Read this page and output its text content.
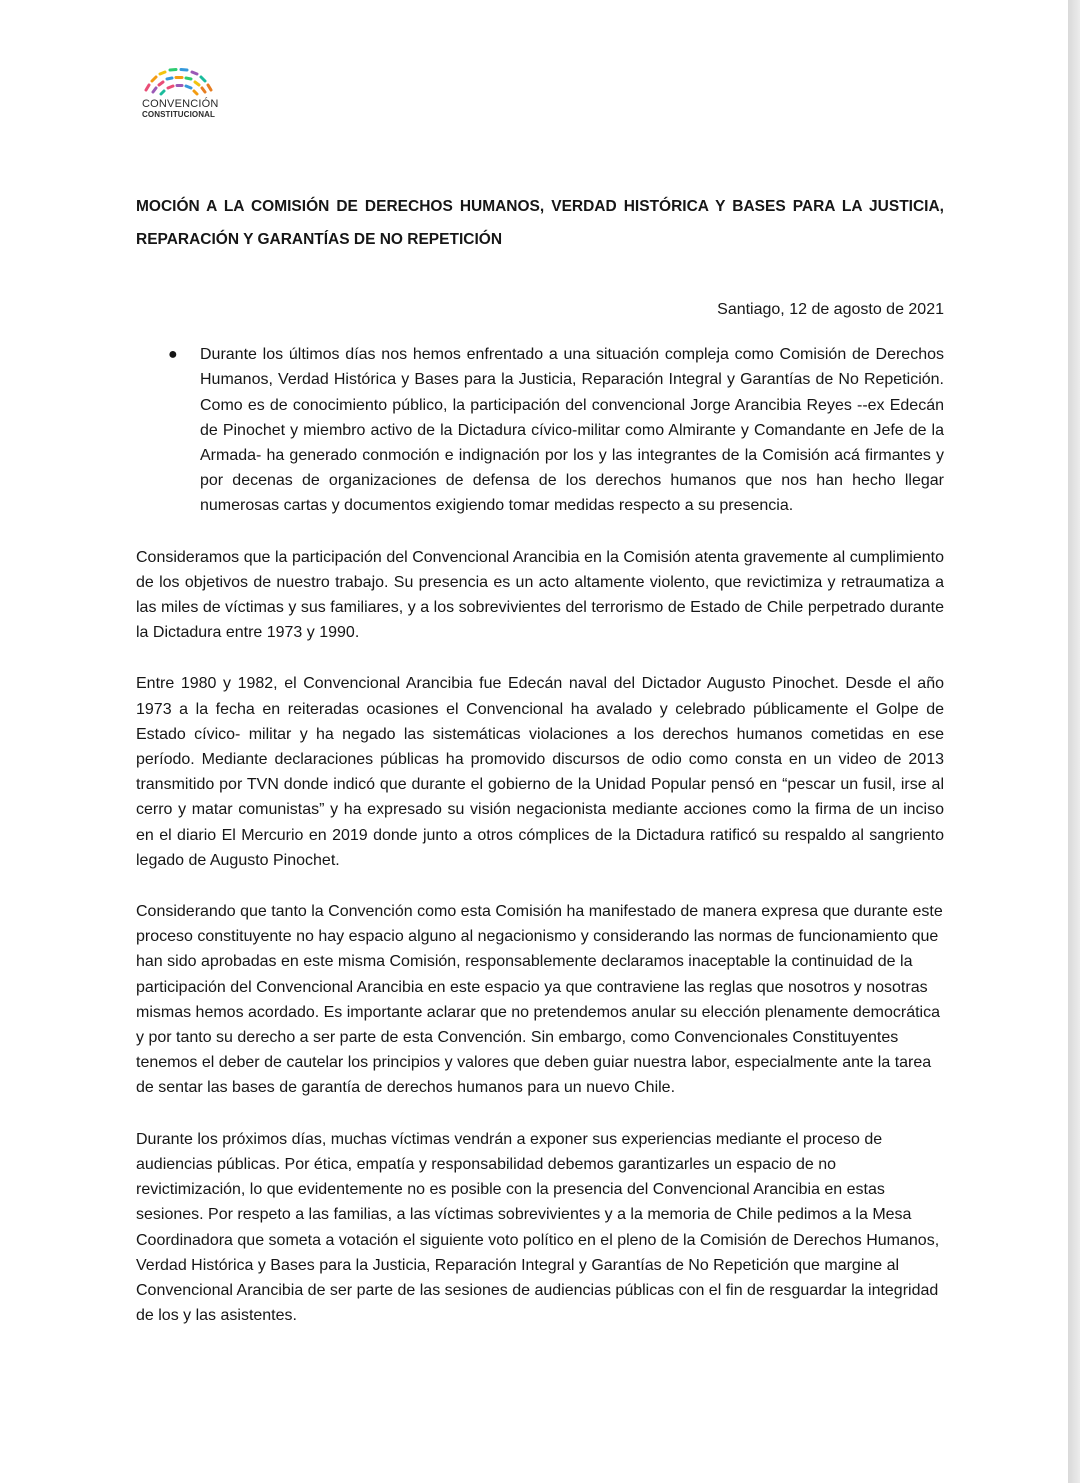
CONVENCIÓN
CONSTITUCIONAL

MOCIÓN A LA COMISIÓN DE DERECHOS HUMANOS, VERDAD HISTÓRICA Y BASES PARA LA JUSTICIA, REPARACIÓN Y GARANTÍAS DE NO REPETICIÓN

Santiago, 12 de agosto de 2021

● Durante los últimos días nos hemos enfrentado a una situación compleja como Comisión de Derechos Humanos, Verdad Histórica y Bases para la Justicia, Reparación Integral y Garantías de No Repetición. Como es de conocimiento público, la participación del convencional Jorge Arancibia Reyes --ex Edecán de Pinochet y miembro activo de la Dictadura cívico-militar como Almirante y Comandante en Jefe de la Armada- ha generado conmoción e indignación por los y las integrantes de la Comisión acá firmantes y por decenas de organizaciones de defensa de los derechos humanos que nos han hecho llegar numerosas cartas y documentos exigiendo tomar medidas respecto a su presencia.

Consideramos que la participación del Convencional Arancibia en la Comisión atenta gravemente al cumplimiento de los objetivos de nuestro trabajo. Su presencia es un acto altamente violento, que revictimiza y retraumatiza a las miles de víctimas y sus familiares, y a los sobrevivientes del terrorismo de Estado de Chile perpetrado durante la Dictadura entre 1973 y 1990.

Entre 1980 y 1982, el Convencional Arancibia fue Edecán naval del Dictador Augusto Pinochet. Desde el año 1973 a la fecha en reiteradas ocasiones el Convencional ha avalado y celebrado públicamente el Golpe de Estado cívico- militar y ha negado las sistemáticas violaciones a los derechos humanos cometidas en ese período. Mediante declaraciones públicas ha promovido discursos de odio como consta en un video de 2013 transmitido por TVN donde indicó que durante el gobierno de la Unidad Popular pensó en “pescar un fusil, irse al cerro y matar comunistas” y ha expresado su visión negacionista mediante acciones como la firma de un inciso en el diario El Mercurio en 2019 donde junto a otros cómplices de la Dictadura ratificó su respaldo al sangriento legado de Augusto Pinochet.

Considerando que tanto la Convención como esta Comisión ha manifestado de manera expresa que durante este proceso constituyente no hay espacio alguno al negacionismo y considerando las normas de funcionamiento que han sido aprobadas en este misma Comisión, responsablemente declaramos inaceptable la continuidad de la participación del Convencional Arancibia en este espacio ya que contraviene las reglas que nosotros y nosotras mismas hemos acordado. Es importante aclarar que no pretendemos anular su elección plenamente democrática y por tanto su derecho a ser parte de esta Convención. Sin embargo, como Convencionales Constituyentes tenemos el deber de cautelar los principios y valores que deben guiar nuestra labor, especialmente ante la tarea de sentar las bases de garantía de derechos humanos para un nuevo Chile.

Durante los próximos días, muchas víctimas vendrán a exponer sus experiencias mediante el proceso de audiencias públicas. Por ética, empatía y responsabilidad debemos garantizarles un espacio de no revictimización, lo que evidentemente no es posible con la presencia del Convencional Arancibia en estas sesiones. Por respeto a las familias, a las víctimas sobrevivientes y a la memoria de Chile pedimos a la Mesa Coordinadora que someta a votación el siguiente voto político en el pleno de la Comisión de Derechos Humanos, Verdad Histórica y Bases para la Justicia, Reparación Integral y Garantías de No Repetición que margine al Convencional Arancibia de ser parte de las sesiones de audiencias públicas con el fin de resguardar la integridad de los y las asistentes.
